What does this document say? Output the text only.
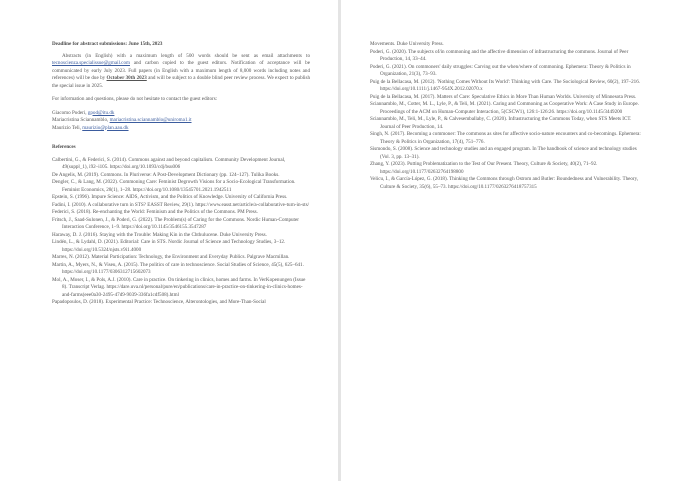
Deadline for abstract submissions: June 15th, 2023

Abstracts (in English) with a maximum length of 500 words should be sent as email attachments to tecnoscienza.specialissue@gmail.com and carbon copied to the guest editors. Notification of acceptance will be communicated by early July 2023. Full papers (in English with a maximum length of 8,000 words including notes and references) will be due by October 30th 2023 and will be subject to a double blind peer review process. We expect to publish the special issue in 2025.

For information and questions, please do not hesitate to contact the guest editors:

Giacomo Poderi, gpod@itu.dk

Mariacristina Sciannamblo, mariacristina.sciannamblo@uniroma1.it

Maurizio Teli, maurizio@plan.aau.dk

References

Calbertini, G., & Federici, S. (2014). Commons against and beyond capitalism. Community Development Journal, 49(suppl_1), i92–i105. https://doi.org/10.1093/cdj/bsu006

De Angelis, M. (2019). Commons. In Pluriverse: A Post-Development Dictionary (pp. 124–127). Tulika Books.

Dengler, C., & Lang, M. (2022). Commoning Care: Feminist Degrowth Visions for a Socio-Ecological Transformation. Feminist Economics, 28(1), 1–28. https://doi.org/10.1080/13545701.2021.1942511

Epstein, S. (1996). Impure Science: AIDS, Activism, and the Politics of Knowledge. University of California Press.

Fadini, I. (2010). A collaborative turn in STS? EASST Review, 29(1). https://www.easst.net/article/a-collaborative-turn-in-sts/

Federici, S. (2018). Re-enchanting the World: Feminism and the Politics of the Commons. PM Press.

Fritsch, J., Saad-Sulonen, J., & Poderi, G. (2022). The Problem(s) of Caring for the Commons. Nordic Human-Computer Interaction Conference, 1–9. https://doi.org/10.1145/3546155.3547287

Haraway, D. J. (2016). Staying with the Trouble: Making Kin in the Chthulucene. Duke University Press.

Lindén, L., & Lydahl, D. (2021). Editorial: Care in STS. Nordic Journal of Science and Technology Studies, 3–12. https://doi.org/10.5324/njsts.v9i1.4000

Marres, N. (2012). Material Participation: Technology, the Environment and Everyday Publics. Palgrave Macmillan.

Martin, A., Myers, N., & Viseu, A. (2015). The politics of care in technoscience. Social Studies of Science, 45(5), 625–641. https://doi.org/10.1177/0306312715602073

Mol, A., Moser, I., & Pols, A.J. (2010). Care in practice. On tinkering in clinics, homes and farms. In VerKopenungen (Issue 8). Transcript Verlag. https://dare.uva.nl/personal/pure/en/publications/care-in-practice-on-tinkering-in-clinics-homes-and-farms(eee0a30-2495-47d9-9039-336fa1cdf508).html

Papadopoulos, D. (2018). Experimental Practice: Technoscience, Alterontologies, and More-Than-Social

Movements. Duke University Press.

Poderi, G. (2020). The subjects of/in commoning and the affective dimension of infrastructuring the commons. Journal of Peer Production, 14, 33–44.

Poderi, G. (2021). On commoners' daily struggles: Carving out the when/where of commoning. Ephemera: Theory & Politics in Organization, 21(3), 73–93.

Puig de la Bellacasa, M. (2012). 'Nothing Comes Without Its World': Thinking with Care. The Sociological Review, 60(2), 197–216. https://doi.org/10.1111/j.1467-954X.2012.02070.x

Puig de la Bellacasa, M. (2017). Matters of Care: Speculative Ethics in More Than Human Worlds. University of Minnesota Press.

Sciannamblo, M., Cotter, M. L., Lyle, P., & Teli, M. (2021). Caring and Commoning as Cooperative Work: A Case Study in Europe. Proceedings of the ACM on Human-Computer Interaction, 5(CSCW1), 126:1-126:26. https://doi.org/10.1145/3449200

Sciannamblo, M., Teli, M., Lyle, P., & Calvesemballaby, C. (2020). Infrastructuring the Commons Today, when STS Meets ICT. Journal of Peer Production, 14.

Singh, N. (2017). Becoming a commoner: The commons as sites for affective socio-nature encounters and co-becomings. Ephemera: Theory & Politics in Organization, 17(4), 751–776.

Sismondo, S. (2008). Science and technology studies and an engaged program. In The handbook of science and technology studies (Vol. 3, pp. 13–31).

Zhang, Y. (2023). Putting Problematization to the Test of Our Present. Theory, Culture & Society, 40(2), 71–92. https://doi.org/10.1177/02632764198800

Velicu, I., & García-López, G. (2018). Thinking the Commons through Ostrom and Butler: Boundedness and Vulnerability. Theory, Culture & Society, 35(6), 55–73. https://doi.org/10.1177/0263276418757315
